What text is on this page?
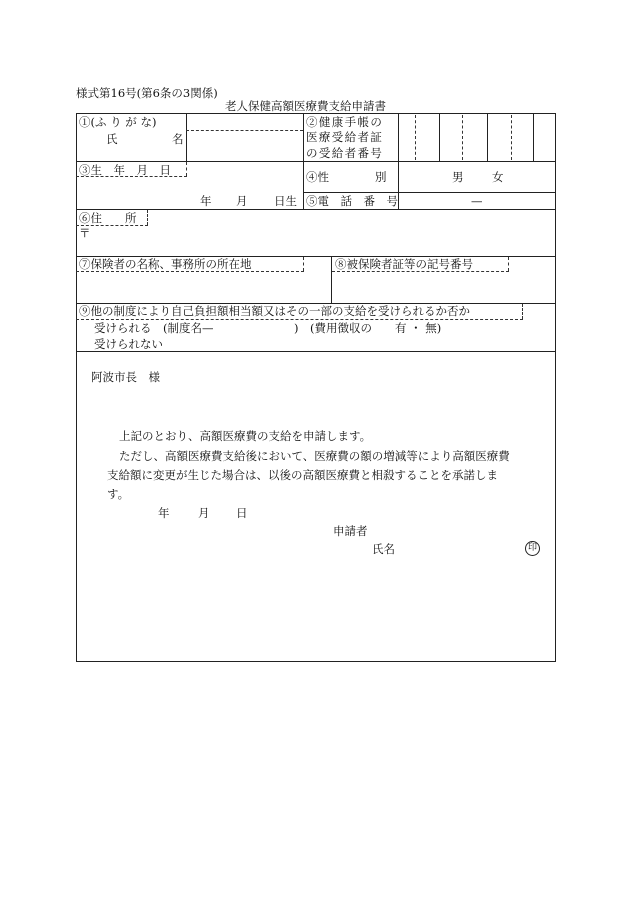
様式第16号(第6条の3関係)
老人保健高額医療費支給申請書
①(ふ り が な)
氏	名
②健康手帳の
医療受給者証
の受給者番号
③生　年　月　日
年 月 日生
④性　　　　別	男 女
⑤電　話　番　号	—
⑥住　　所
〒
⑦保険者の名称、事務所の所在地	⑧被保険者証等の記号番号
⑨他の制度により自己負担額相当額又はその一部の支給を受けられるか否か
受けられる　(制度名—　　　　　　　)　(費用徴収の　　有 ・ 無)
受けられない
阿波市長　様
上記のとおり、高額医療費の支給を申請します。
ただし、高額医療費支給後において、医療費の額の増減等により高額医療費
支給額に変更が生じた場合は、以後の高額医療費と相殺することを承諾しま
す。
年 月 日
申請者
氏名	印
